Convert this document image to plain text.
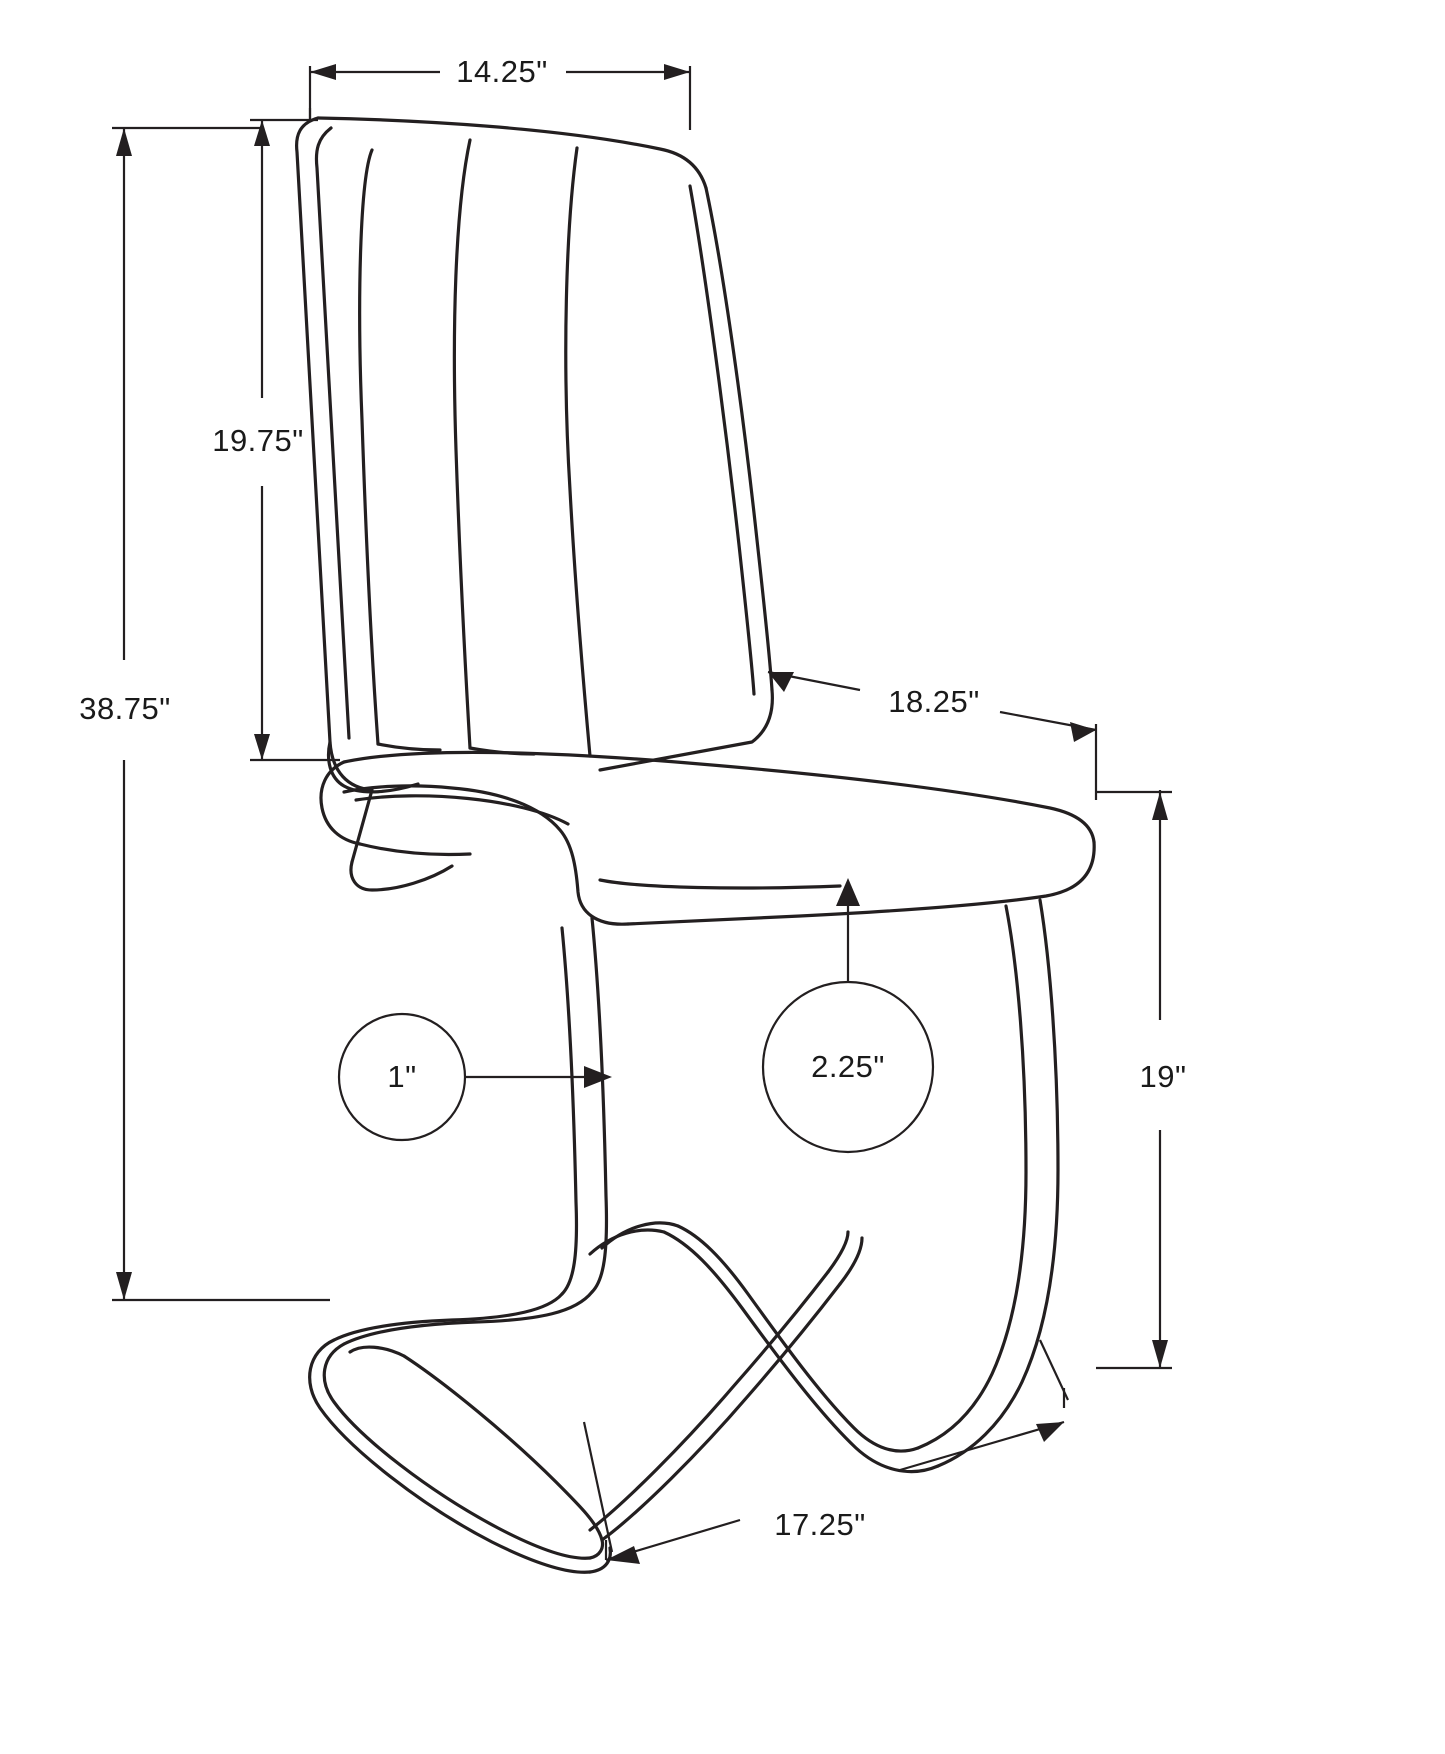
14.25"
19.75"
38.75"	18.25"
19"
1"	2.25"
17.25"
